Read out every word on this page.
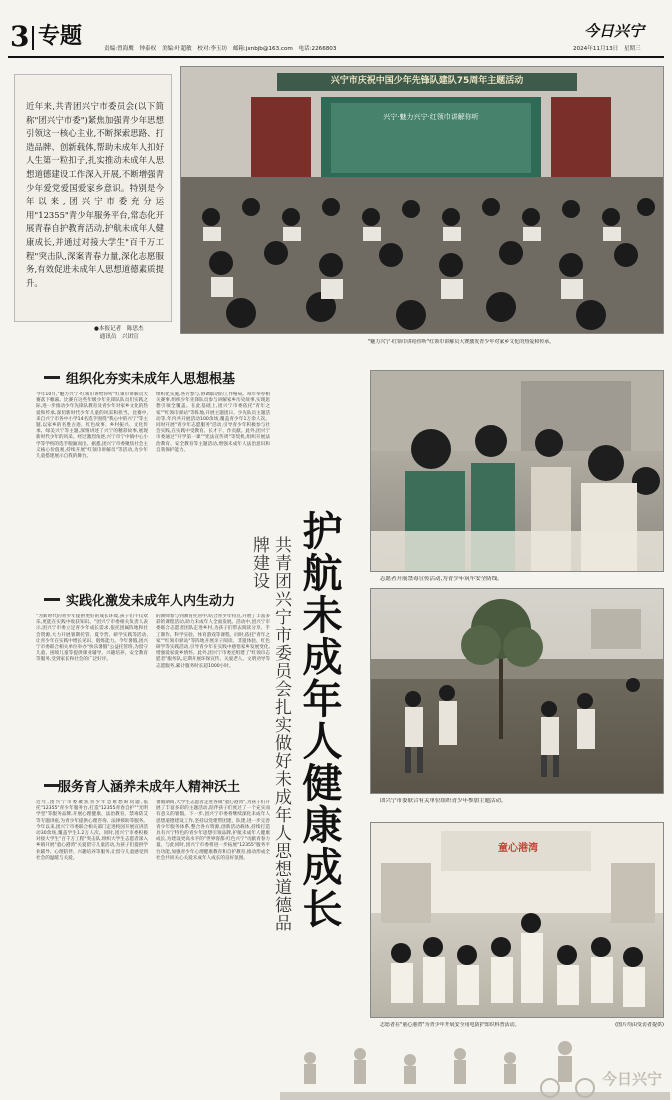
3 专题	责编:曾海鹰　钟泰权　美编:叶超敏　校对:李玉坊　邮箱:jxnbjb@163.com　电话:2266803
今日兴宁
2024年11月13日　星期三
近年来,共青团兴宁市委员会(以下简称"团兴宁市委")紧焦加强青少年思想引领这一核心主业,不断探索思路、打造品牌、创新载体,帮助未成年人扣好人生第一粒扣子,扎实推动未成年人思想道德建设工作深入开展,不断增强青少年爱党爱国爱家乡意识。特别是今年以来,团兴宁市委充分运用"12355"青少年服务平台,常态化开展青春自护教育活动,护航未成年人健康成长,并通过对接大学生"百千万工程"突击队,深案青春力量,深化志愿服务,有效促进未成年人思想道德素质提升。
●本报记者　陈思杰
　通讯员　兴团宣
兴宁市庆祝中国少年先锋队建队75周年主题活动
兴宁·魅力兴宁·红领巾讲解你听
"魅力兴宁·红领巾讲给你听"红领巾讲解员大赛激发青少年对家乡文化的热爱和传承。
组织化夯实未成年人思想根基
今年10月,"魅力兴宁·红领巾讲给你听"红领巾讲解员大赛落下帷幕。比赛在这些年级少年先锋队队员们实践之际,进一步推动少年先锋队教育及青少年对家乡文化的热爱和传承,深切新时代少年儿童的风采和担当。比赛中,来自兴宁市各中小学14名选手围绕"我心中的兴宁"等主题,以家乡的名胜古迹、红色故事、乡村振兴、文化传承、绿美兴宁等主题,深情讲述了兴宁的精彩故事,展现新时代少年的风采。经过激烈角逐,兴宁市宁中镇中心小学等学校的选手脱颖而出。据悉,团兴宁市委聚焦社会主义核心价值观,持续开展"红领巾讲解员"等活动,为少年儿童搭建展示自我的舞台。
组织化实施,各方参与,协调联动的工作格局。每年举办相关赛事,组织少年先锋队员参与讲解家乡历史故事,实现思想引领全覆盖。在此基础上,团兴宁市委依托"青年之家""红领巾驿站"等阵地,开展主题团日、少先队员主题活动等,年内共开展活动100余场,覆盖青少年1万余人次。同时开展"青少年志愿服务"活动,引导青少年积极参与社会实践,在实践中受教育、长才干、作贡献。此外,团兴宁市委通过"开学第一课""宪法宣传周"等契机,组织开展法治教育、安全教育等主题活动,增强未成年人法治意识和自我保护能力。
护航未成年人健康成长
共青团兴宁市委员会扎实做好未成年人思想道德品牌建设
实践化激发未成年人内生动力
"为新时代的青少年提供更好的成长环境,孩子们不仅欢乐,更能在实践中收获知识。"团兴宁市委相关负责人表示,团兴宁市委立足青少年成长需求,依托团属阵地和社会资源,大力开展暑期托管、夏令营、研学实践等活动,让青少年在实践中增长见识、锻炼能力。今年暑假,团兴宁市委联合相关单位举办"快乐暑假"公益托管班,为留守儿童、困境儿童等提供课业辅导、兴趣培养、安全教育等服务,受到家长和社会的广泛好评。
的教师参与到教育托管中,结合青少年特点,开展了丰富多彩的课程活动,助力未成年人全面发展。活动中,团兴宁市委联合志愿者团队走进乡村,为孩子们带去阅读分享、手工制作、科学实验、体育游戏等课程。同时,依托"青年之家""红领巾驿站"等阵地开展亲子阅读、非遗体验、红色研学等实践活动,引导青少年在实践中感悟家乡发展变化,增强爱家爱乡情怀。此外,团兴宁市委还组建了"红领巾志愿者"服务队,定期开展环保宣传、关爱老人、文明劝导等志愿服务,累计服务时长超1000小时。
服务育人涵养未成年人精神沃土
近年,团兴宁市委聚焦青少年急难愁盼问题,依托"12355"青少年服务台,打造"12355青春自护""光明学堂"等服务品牌,开展心理健康、法治教育、禁毒防艾等专题讲座,为青少年提供心理咨询、法律援助等服务。今年以来,团兴宁市委联合相关部门走进校园开展宣讲活动30余场,覆盖学生1.2万人次。同时,团兴宁市委积极对接大学生"百千万工程"突击队,组织大学生志愿者深入乡镇开展"童心港湾"关爱留守儿童活动,为孩子们提供学业辅导、心理陪伴、兴趣培养等服务,让留守儿童感受到社会的温暖与关爱。
暑假期间,大学生志愿者走进各镇"童心港湾",为孩子们开展了丰富多彩的主题活动,陪伴孩子们度过了一个充实而有意义的暑假。下一步,团兴宁市委将继续深化未成年人思想道德建设工作,坚持以党建带团建、队建,进一步完善青少年服务体系,整合各方资源,创新活动载体,持续打造具有兴宁特色的青少年思想引领品牌,护航未成年人健康成长,为建设更高水平的"世界客都·红色兴宁"贡献青春力量。与此同时,团兴宁市委将进一步拓展"12355"服务平台功能,加强青少年心理健康教育和自护教育,推动形成全社会共同关心关爱未成年人成长的良好氛围。
志愿者开展禁毒宣传活动,为青少年筑牢安全防线。
团兴宁市委联合有关单位组织青少年参加主题活动。
童心港湾
志愿者在"童心港湾"为青少年开展安全用电防护知识科普活动。	(图片均由受访者提供)
今日兴宁
